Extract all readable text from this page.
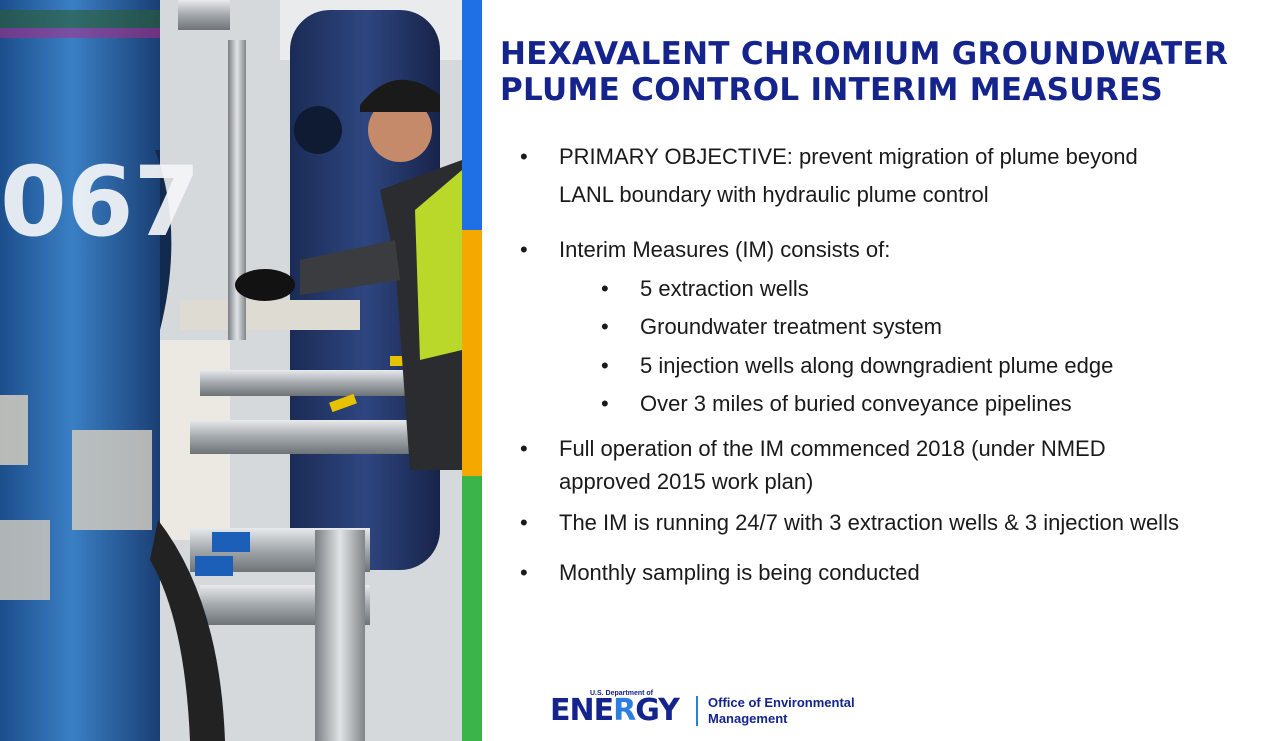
067
HEXAVALENT CHROMIUM GROUNDWATER
PLUME CONTROL INTERIM MEASURES
• PRIMARY OBJECTIVE: prevent migration of plume beyond
LANL boundary with hydraulic plume control
• Interim Measures (IM) consists of:
• 5 extraction wells
• Groundwater treatment system
• 5 injection wells along downgradient plume edge
• Over 3 miles of buried conveyance pipelines
• Full operation of the IM commenced 2018 (under NMED
approved 2015 work plan)
• The IM is running 24/7 with 3 extraction wells & 3 injection wells
• Monthly sampling is being conducted
U.S. Department of
ENERGY Office of Environmental
Management
